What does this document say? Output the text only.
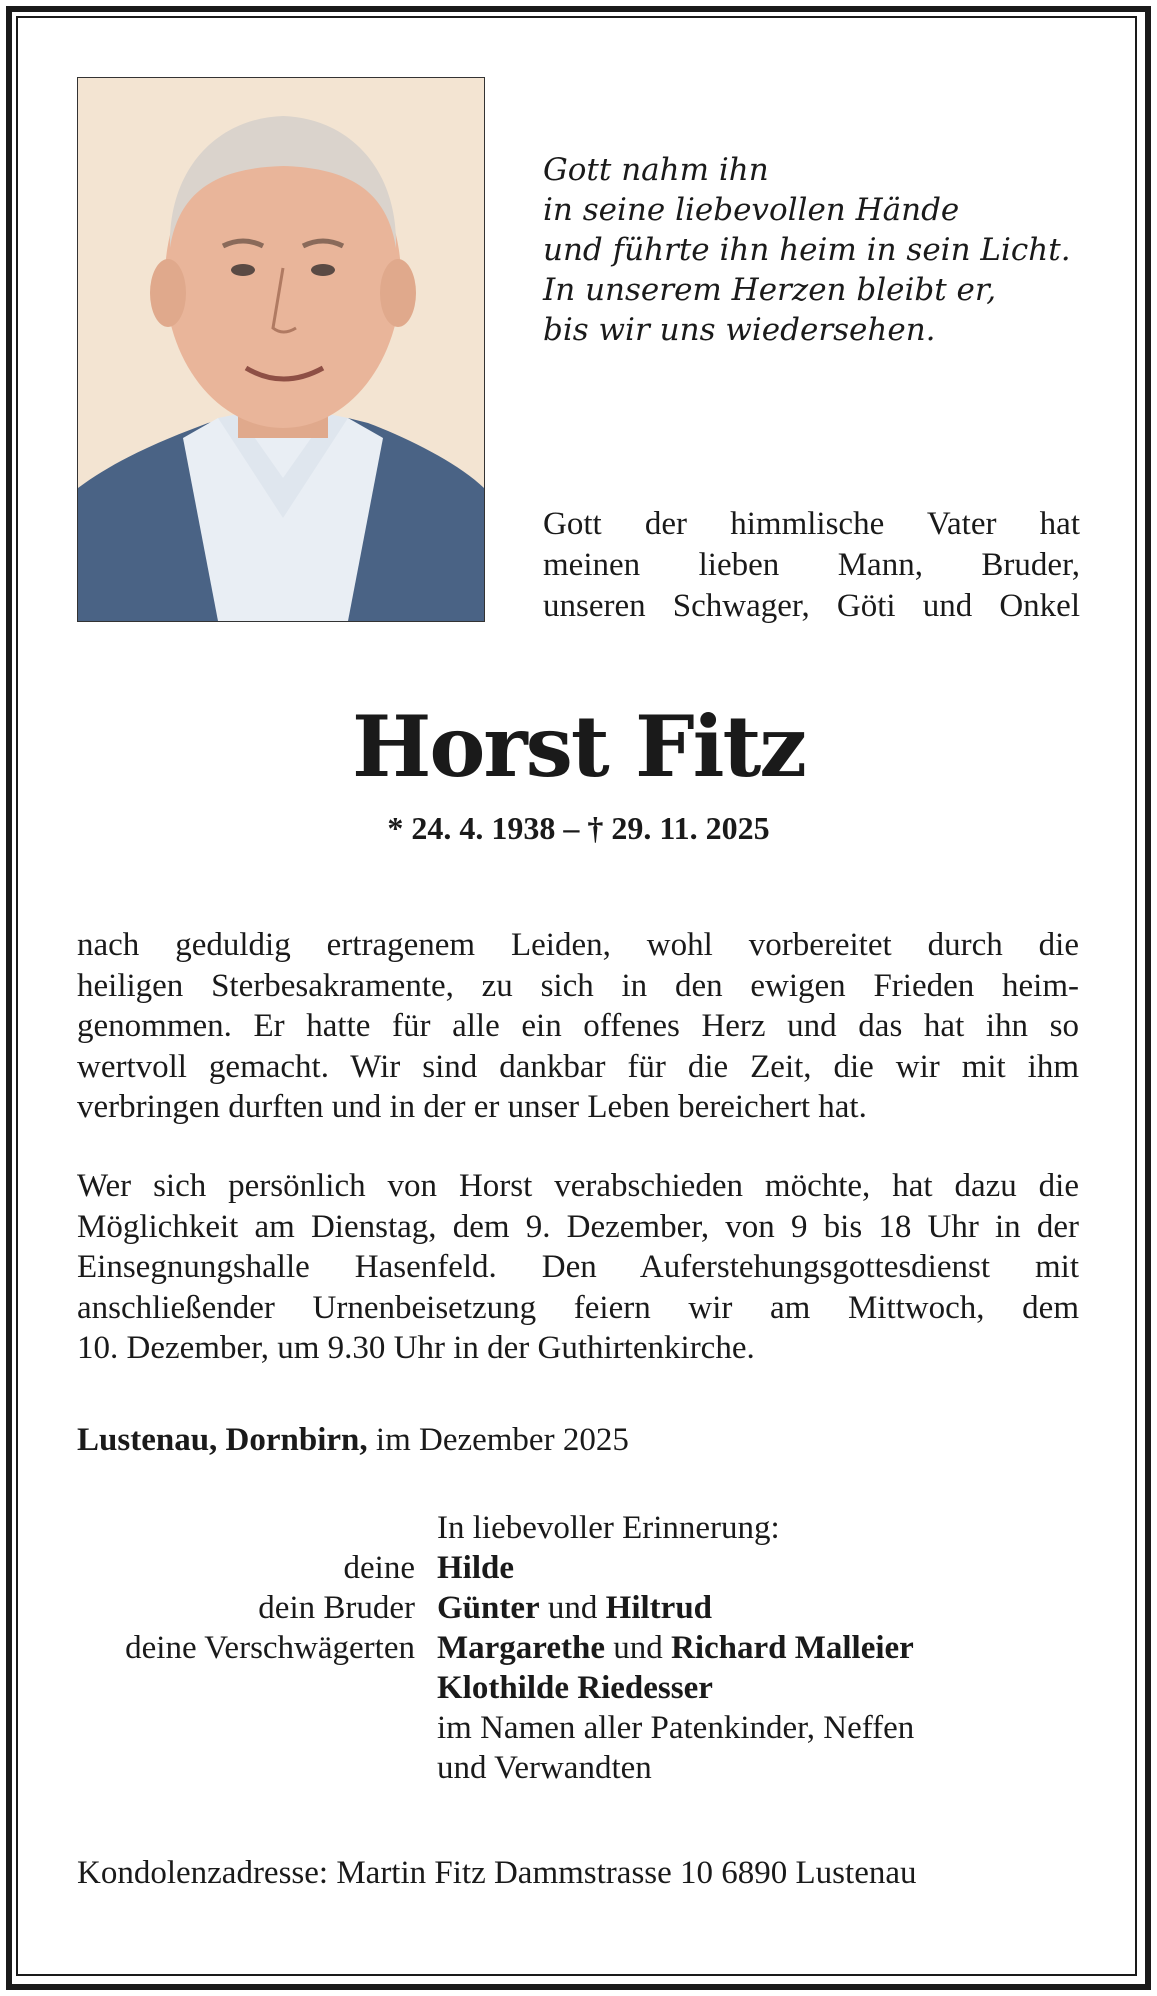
Gott nahm ihn
in seine liebevollen Hände
und führte ihn heim in sein Licht.
In unserem Herzen bleibt er,
bis wir uns wiedersehen.
Gott der himmlische Vater hat
meinen lieben Mann, Bruder,
unseren Schwager, Göti und Onkel
Horst Fitz
* 24. 4. 1938 – † 29. 11. 2025
nach geduldig ertragenem Leiden, wohl vorbereitet durch die
heiligen Sterbesakramente, zu sich in den ewigen Frieden heim-
genommen. Er hatte für alle ein offenes Herz und das hat ihn so
wertvoll gemacht. Wir sind dankbar für die Zeit, die wir mit ihm
verbringen durften und in der er unser Leben bereichert hat.
Wer sich persönlich von Horst verabschieden möchte, hat dazu die
Möglichkeit am Dienstag, dem 9. Dezember, von 9 bis 18 Uhr in der
Einsegnungshalle Hasenfeld. Den Auferstehungsgottesdienst mit
anschließender Urnenbeisetzung feiern wir am Mittwoch, dem
10. Dezember, um 9.30 Uhr in der Guthirtenkirche.
Lustenau, Dornbirn, im Dezember 2025
In liebevoller Erinnerung:
deine Hilde
dein Bruder Günter und Hiltrud
deine Verschwägerten Margarethe und Richard Malleier
Klothilde Riedesser
im Namen aller Patenkinder, Neffen
und Verwandten
Kondolenzadresse: Martin Fitz Dammstrasse 10 6890 Lustenau
